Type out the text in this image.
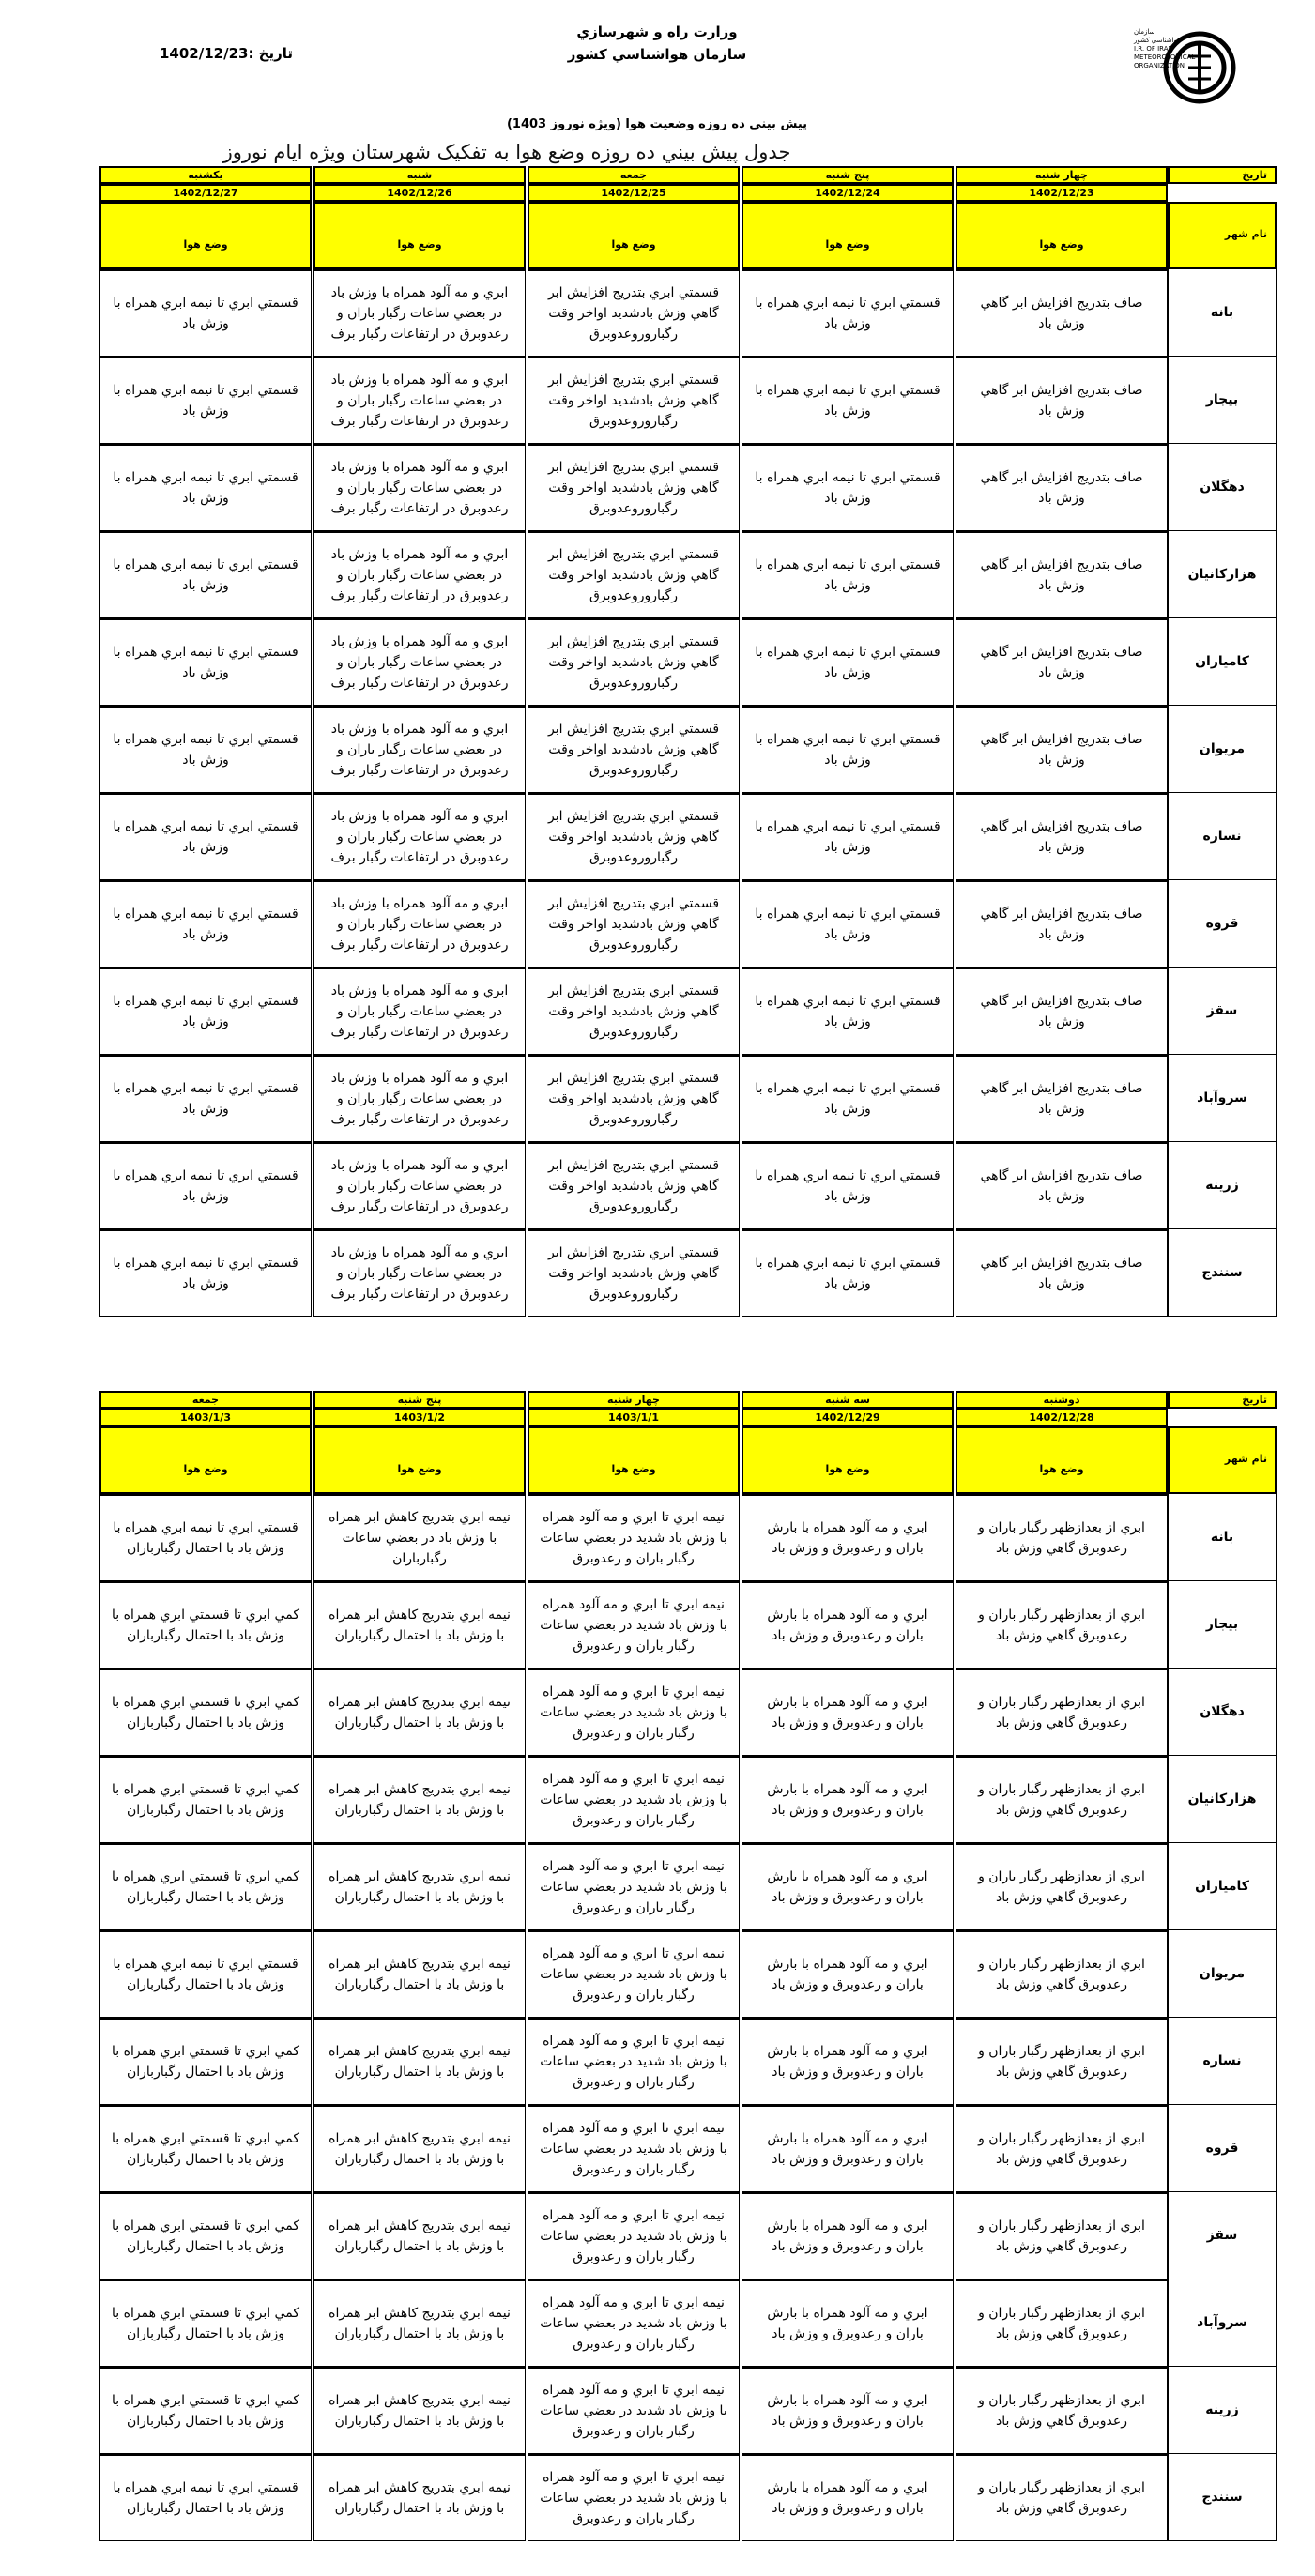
وزارت راه و شهرسازي
سازمان هواشناسي كشور
تاريخ :1402/12/23
سازمان هواشناسي کشور
I.R. OF IRAN
METEOROLOGICAL
ORGANIZATION
پيش بيني ده روزه وضعيت هوا (ويژه نوروز 1403)
جدول پيش بيني ده روزه وضع هوا به تفکيک شهرستان ويژه ايام نوروز
تاريخ
چهار شنبه
پنج شنبه
جمعه
شنبه
يکشنبه
1402/12/23
1402/12/24
1402/12/25
1402/12/26
1402/12/27
نام شهر
وضع هوا
وضع هوا
وضع هوا
وضع هوا
وضع هوا
بانه
صاف بتدريج افزايش ابر گاهي وزش باد
قسمتي ابري تا نيمه ابري همراه با وزش باد
قسمتي ابري بتدريج افزايش ابر گاهي وزش بادشديد اواخر وقت رگباروروعدوبرق
ابري و مه آلود همراه با وزش باد در بعضي ساعات رگبار باران و رعدوبرق در ارتفاعات رگبار برف
قسمتي ابري تا نيمه ابري همراه با وزش باد
بيجار
صاف بتدريج افزايش ابر گاهي وزش باد
قسمتي ابري تا نيمه ابري همراه با وزش باد
قسمتي ابري بتدريج افزايش ابر گاهي وزش بادشديد اواخر وقت رگباروروعدوبرق
ابري و مه آلود همراه با وزش باد در بعضي ساعات رگبار باران و رعدوبرق در ارتفاعات رگبار برف
قسمتي ابري تا نيمه ابري همراه با وزش باد
دهگلان
صاف بتدريج افزايش ابر گاهي وزش باد
قسمتي ابري تا نيمه ابري همراه با وزش باد
قسمتي ابري بتدريج افزايش ابر گاهي وزش بادشديد اواخر وقت رگباروروعدوبرق
ابري و مه آلود همراه با وزش باد در بعضي ساعات رگبار باران و رعدوبرق در ارتفاعات رگبار برف
قسمتي ابري تا نيمه ابري همراه با وزش باد
هزاركانيان
صاف بتدريج افزايش ابر گاهي وزش باد
قسمتي ابري تا نيمه ابري همراه با وزش باد
قسمتي ابري بتدريج افزايش ابر گاهي وزش بادشديد اواخر وقت رگباروروعدوبرق
ابري و مه آلود همراه با وزش باد در بعضي ساعات رگبار باران و رعدوبرق در ارتفاعات رگبار برف
قسمتي ابري تا نيمه ابري همراه با وزش باد
کامياران
صاف بتدريج افزايش ابر گاهي وزش باد
قسمتي ابري تا نيمه ابري همراه با وزش باد
قسمتي ابري بتدريج افزايش ابر گاهي وزش بادشديد اواخر وقت رگباروروعدوبرق
ابري و مه آلود همراه با وزش باد در بعضي ساعات رگبار باران و رعدوبرق در ارتفاعات رگبار برف
قسمتي ابري تا نيمه ابري همراه با وزش باد
مريوان
صاف بتدريج افزايش ابر گاهي وزش باد
قسمتي ابري تا نيمه ابري همراه با وزش باد
قسمتي ابري بتدريج افزايش ابر گاهي وزش بادشديد اواخر وقت رگباروروعدوبرق
ابري و مه آلود همراه با وزش باد در بعضي ساعات رگبار باران و رعدوبرق در ارتفاعات رگبار برف
قسمتي ابري تا نيمه ابري همراه با وزش باد
نساره
صاف بتدريج افزايش ابر گاهي وزش باد
قسمتي ابري تا نيمه ابري همراه با وزش باد
قسمتي ابري بتدريج افزايش ابر گاهي وزش بادشديد اواخر وقت رگباروروعدوبرق
ابري و مه آلود همراه با وزش باد در بعضي ساعات رگبار باران و رعدوبرق در ارتفاعات رگبار برف
قسمتي ابري تا نيمه ابري همراه با وزش باد
قروه
صاف بتدريج افزايش ابر گاهي وزش باد
قسمتي ابري تا نيمه ابري همراه با وزش باد
قسمتي ابري بتدريج افزايش ابر گاهي وزش بادشديد اواخر وقت رگباروروعدوبرق
ابري و مه آلود همراه با وزش باد در بعضي ساعات رگبار باران و رعدوبرق در ارتفاعات رگبار برف
قسمتي ابري تا نيمه ابري همراه با وزش باد
سقز
صاف بتدريج افزايش ابر گاهي وزش باد
قسمتي ابري تا نيمه ابري همراه با وزش باد
قسمتي ابري بتدريج افزايش ابر گاهي وزش بادشديد اواخر وقت رگباروروعدوبرق
ابري و مه آلود همراه با وزش باد در بعضي ساعات رگبار باران و رعدوبرق در ارتفاعات رگبار برف
قسمتي ابري تا نيمه ابري همراه با وزش باد
سروآباد
صاف بتدريج افزايش ابر گاهي وزش باد
قسمتي ابري تا نيمه ابري همراه با وزش باد
قسمتي ابري بتدريج افزايش ابر گاهي وزش بادشديد اواخر وقت رگباروروعدوبرق
ابري و مه آلود همراه با وزش باد در بعضي ساعات رگبار باران و رعدوبرق در ارتفاعات رگبار برف
قسمتي ابري تا نيمه ابري همراه با وزش باد
زرينه
صاف بتدريج افزايش ابر گاهي وزش باد
قسمتي ابري تا نيمه ابري همراه با وزش باد
قسمتي ابري بتدريج افزايش ابر گاهي وزش بادشديد اواخر وقت رگباروروعدوبرق
ابري و مه آلود همراه با وزش باد در بعضي ساعات رگبار باران و رعدوبرق در ارتفاعات رگبار برف
قسمتي ابري تا نيمه ابري همراه با وزش باد
سنندج
صاف بتدريج افزايش ابر گاهي وزش باد
قسمتي ابري تا نيمه ابري همراه با وزش باد
قسمتي ابري بتدريج افزايش ابر گاهي وزش بادشديد اواخر وقت رگباروروعدوبرق
ابري و مه آلود همراه با وزش باد در بعضي ساعات رگبار باران و رعدوبرق در ارتفاعات رگبار برف
قسمتي ابري تا نيمه ابري همراه با وزش باد
تاريخ
دوشنبه
سه شنبه
چهار شنبه
پنج شنبه
جمعه
1402/12/28
1402/12/29
1403/1/1
1403/1/2
1403/1/3
نام شهر
وضع هوا
وضع هوا
وضع هوا
وضع هوا
وضع هوا
بانه
ابري از بعدازظهر رگبار باران و رعدوبرق گاهي وزش باد
ابري و مه آلود همراه با بارش باران و رعدوبرق و وزش باد
نيمه ابري تا ابري و مه آلود همراه با وزش باد شديد در بعضي ساعات رگبار باران و رعدوبرق
نيمه ابري بتدريج کاهش ابر همراه با وزش باد در بعضي ساعات رگبارباران
قسمتي ابري تا نيمه ابري همراه با وزش باد با احتمال رگبارباران
بيجار
ابري از بعدازظهر رگبار باران و رعدوبرق گاهي وزش باد
ابري و مه آلود همراه با بارش باران و رعدوبرق و وزش باد
نيمه ابري تا ابري و مه آلود همراه با وزش باد شديد در بعضي ساعات رگبار باران و رعدوبرق
نيمه ابري بتدريج کاهش ابر همراه با وزش باد با احتمال رگبارباران
کمي ابري تا قسمتي ابري همراه با وزش باد با احتمال رگبارباران
دهگلان
ابري از بعدازظهر رگبار باران و رعدوبرق گاهي وزش باد
ابري و مه آلود همراه با بارش باران و رعدوبرق و وزش باد
نيمه ابري تا ابري و مه آلود همراه با وزش باد شديد در بعضي ساعات رگبار باران و رعدوبرق
نيمه ابري بتدريج کاهش ابر همراه با وزش باد با احتمال رگبارباران
کمي ابري تا قسمتي ابري همراه با وزش باد با احتمال رگبارباران
هزاركانيان
ابري از بعدازظهر رگبار باران و رعدوبرق گاهي وزش باد
ابري و مه آلود همراه با بارش باران و رعدوبرق و وزش باد
نيمه ابري تا ابري و مه آلود همراه با وزش باد شديد در بعضي ساعات رگبار باران و رعدوبرق
نيمه ابري بتدريج کاهش ابر همراه با وزش باد با احتمال رگبارباران
کمي ابري تا قسمتي ابري همراه با وزش باد با احتمال رگبارباران
کامياران
ابري از بعدازظهر رگبار باران و رعدوبرق گاهي وزش باد
ابري و مه آلود همراه با بارش باران و رعدوبرق و وزش باد
نيمه ابري تا ابري و مه آلود همراه با وزش باد شديد در بعضي ساعات رگبار باران و رعدوبرق
نيمه ابري بتدريج کاهش ابر همراه با وزش باد با احتمال رگبارباران
کمي ابري تا قسمتي ابري همراه با وزش باد با احتمال رگبارباران
مريوان
ابري از بعدازظهر رگبار باران و رعدوبرق گاهي وزش باد
ابري و مه آلود همراه با بارش باران و رعدوبرق و وزش باد
نيمه ابري تا ابري و مه آلود همراه با وزش باد شديد در بعضي ساعات رگبار باران و رعدوبرق
نيمه ابري بتدريج کاهش ابر همراه با وزش باد با احتمال رگبارباران
قسمتي ابري تا نيمه ابري همراه با وزش باد با احتمال رگبارباران
نساره
ابري از بعدازظهر رگبار باران و رعدوبرق گاهي وزش باد
ابري و مه آلود همراه با بارش باران و رعدوبرق و وزش باد
نيمه ابري تا ابري و مه آلود همراه با وزش باد شديد در بعضي ساعات رگبار باران و رعدوبرق
نيمه ابري بتدريج کاهش ابر همراه با وزش باد با احتمال رگبارباران
کمي ابري تا قسمتي ابري همراه با وزش باد با احتمال رگبارباران
قروه
ابري از بعدازظهر رگبار باران و رعدوبرق گاهي وزش باد
ابري و مه آلود همراه با بارش باران و رعدوبرق و وزش باد
نيمه ابري تا ابري و مه آلود همراه با وزش باد شديد در بعضي ساعات رگبار باران و رعدوبرق
نيمه ابري بتدريج کاهش ابر همراه با وزش باد با احتمال رگبارباران
کمي ابري تا قسمتي ابري همراه با وزش باد با احتمال رگبارباران
سقز
ابري از بعدازظهر رگبار باران و رعدوبرق گاهي وزش باد
ابري و مه آلود همراه با بارش باران و رعدوبرق و وزش باد
نيمه ابري تا ابري و مه آلود همراه با وزش باد شديد در بعضي ساعات رگبار باران و رعدوبرق
نيمه ابري بتدريج کاهش ابر همراه با وزش باد با احتمال رگبارباران
کمي ابري تا قسمتي ابري همراه با وزش باد با احتمال رگبارباران
سروآباد
ابري از بعدازظهر رگبار باران و رعدوبرق گاهي وزش باد
ابري و مه آلود همراه با بارش باران و رعدوبرق و وزش باد
نيمه ابري تا ابري و مه آلود همراه با وزش باد شديد در بعضي ساعات رگبار باران و رعدوبرق
نيمه ابري بتدريج کاهش ابر همراه با وزش باد با احتمال رگبارباران
کمي ابري تا قسمتي ابري همراه با وزش باد با احتمال رگبارباران
زرينه
ابري از بعدازظهر رگبار باران و رعدوبرق گاهي وزش باد
ابري و مه آلود همراه با بارش باران و رعدوبرق و وزش باد
نيمه ابري تا ابري و مه آلود همراه با وزش باد شديد در بعضي ساعات رگبار باران و رعدوبرق
نيمه ابري بتدريج کاهش ابر همراه با وزش باد با احتمال رگبارباران
کمي ابري تا قسمتي ابري همراه با وزش باد با احتمال رگبارباران
سنندج
ابري از بعدازظهر رگبار باران و رعدوبرق گاهي وزش باد
ابري و مه آلود همراه با بارش باران و رعدوبرق و وزش باد
نيمه ابري تا ابري و مه آلود همراه با وزش باد شديد در بعضي ساعات رگبار باران و رعدوبرق
نيمه ابري بتدريج کاهش ابر همراه با وزش باد با احتمال رگبارباران
قسمتي ابري تا نيمه ابري همراه با وزش باد با احتمال رگبارباران
